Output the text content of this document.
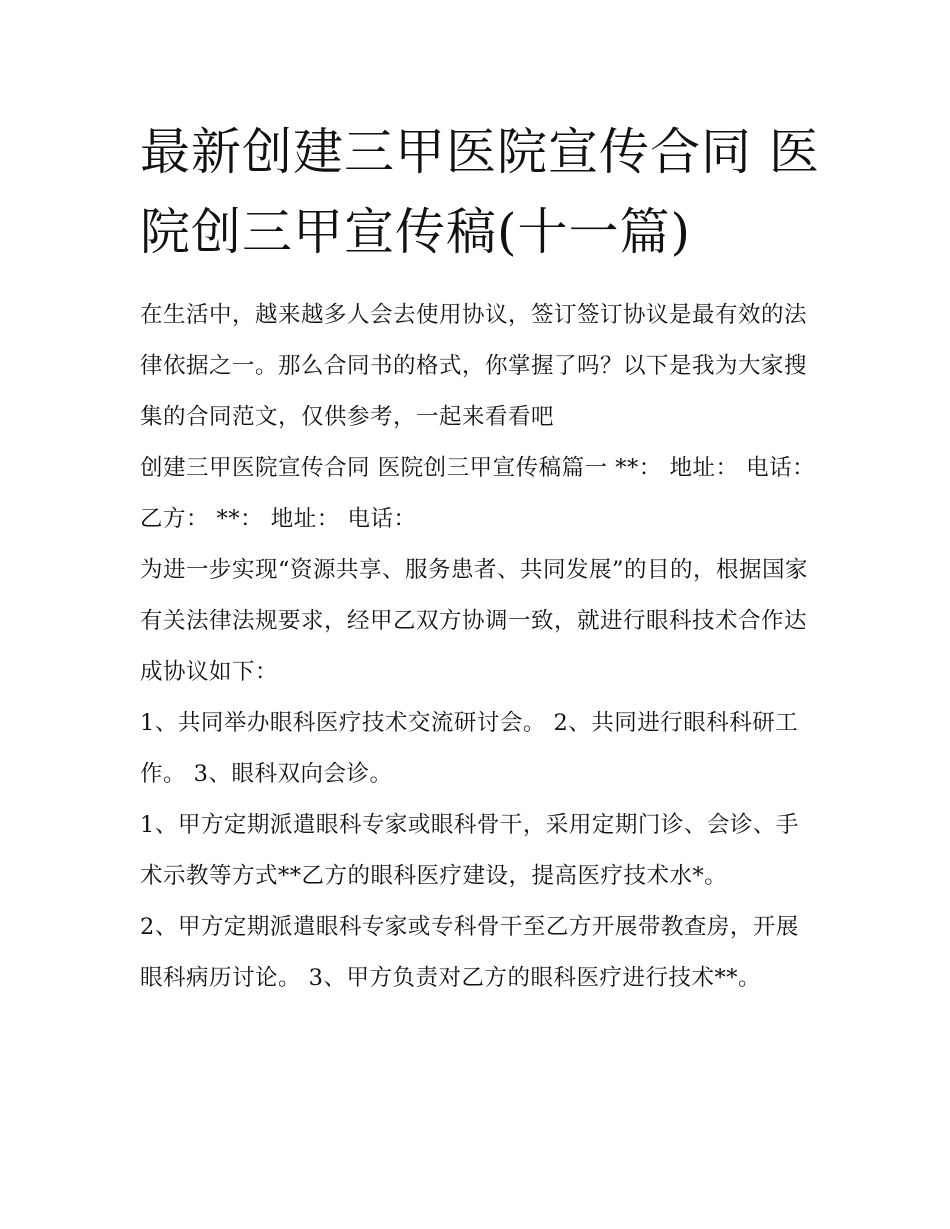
最新创建三甲医院宣传合同 医院创三甲宣传稿(十一篇)

在生活中，越来越多人会去使用协议，签订签订协议是最有效的法律依据之一。那么合同书的格式，你掌握了吗？以下是我为大家搜集的合同范文，仅供参考，一起来看看吧

创建三甲医院宣传合同 医院创三甲宣传稿篇一 **： 地址： 电话： 乙方： **： 地址： 电话：

为进一步实现“资源共享、服务患者、共同发展”的目的，根据国家有关法律法规要求，经甲乙双方协调一致，就进行眼科技术合作达成协议如下：

1、共同举办眼科医疗技术交流研讨会。 2、共同进行眼科科研工作。 3、眼科双向会诊。

1、甲方定期派遣眼科专家或眼科骨干，采用定期门诊、会诊、手术示教等方式**乙方的眼科医疗建设，提高医疗技术水*。

2、甲方定期派遣眼科专家或专科骨干至乙方开展带教查房，开展眼科病历讨论。 3、甲方负责对乙方的眼科医疗进行技术**。
